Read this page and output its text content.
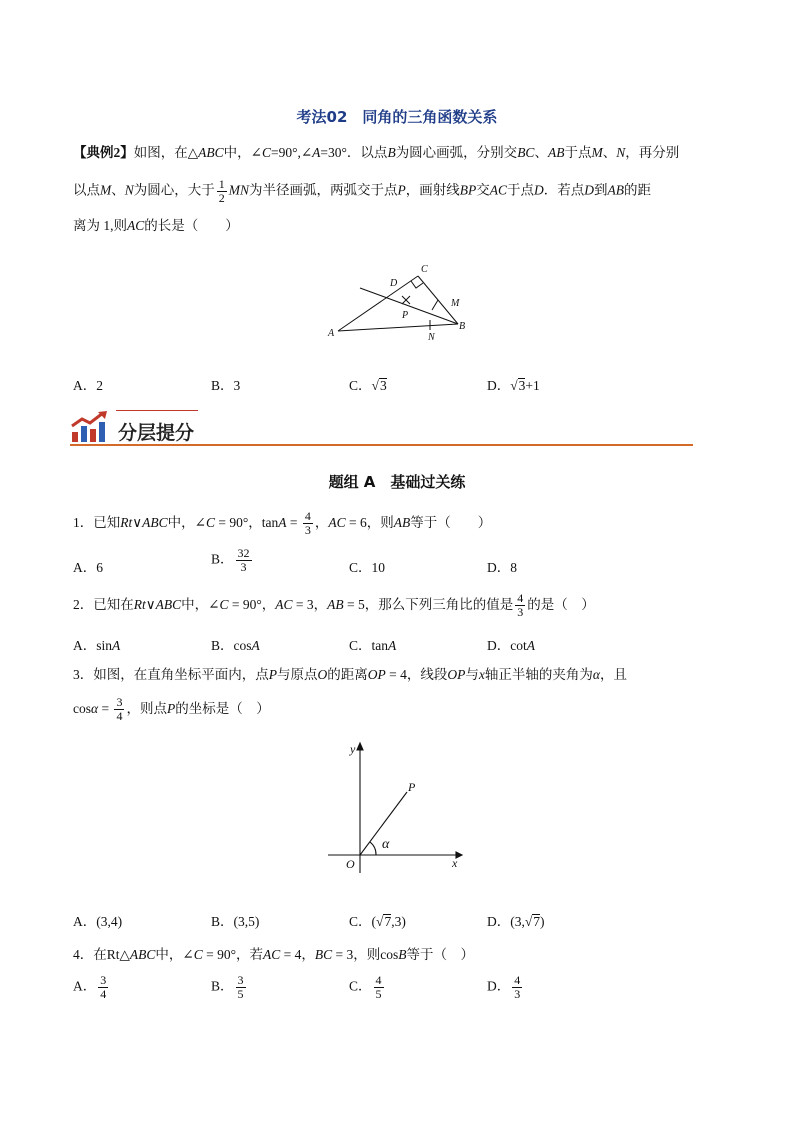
考法02　同角的三角函数关系
【典例2】如图，在△ABC中，∠C=90°,∠A=30°．以点B为圆心画弧，分别交BC、AB于点M、N，再分别
以点M、N为圆心，大于 $\frac{1}{2}$ MN为半径画弧，两弧交于点P，画射线BP交AC于点D．若点D到AB的距
离为 1,则AC的长是（　　）
A
B
C
D
P
M
N
A．2	B．3	C．√3	D．√3+1
分层提分
题组 A　基础过关练
1．已知Rt∨ABC中，∠C = 90°，$\tan A = \frac{4}{3}$ ，AC = 6，则AB等于（　　）
A．6
B． $\frac{32}{3}$	C．10	D．8
2．已知在Rt∨ABC中，∠C = 90°，AC = 3，AB = 5，那么下列三角比的值是 $\frac{4}{3}$ 的是（　）
A．sinA	B．cosA	C．tanA	D．cotA
3．如图，在直角坐标平面内，点P与原点O的距离OP = 4，线段OP与x轴正半轴的夹角为α，且
$\cos\alpha = \frac{3}{4}$ ，则点P的坐标是（　）
y
x
O
P
α
A．(3,4)	B．(3,5)	C．(√7,3)	D．(3,√7)
4．在Rt△ABC中，∠C = 90°，若AC = 4，BC = 3，则cosB等于（　）
A． $\frac{3}{4}$	B． $\frac{3}{5}$	C． $\frac{4}{5}$	D． $\frac{4}{3}$
